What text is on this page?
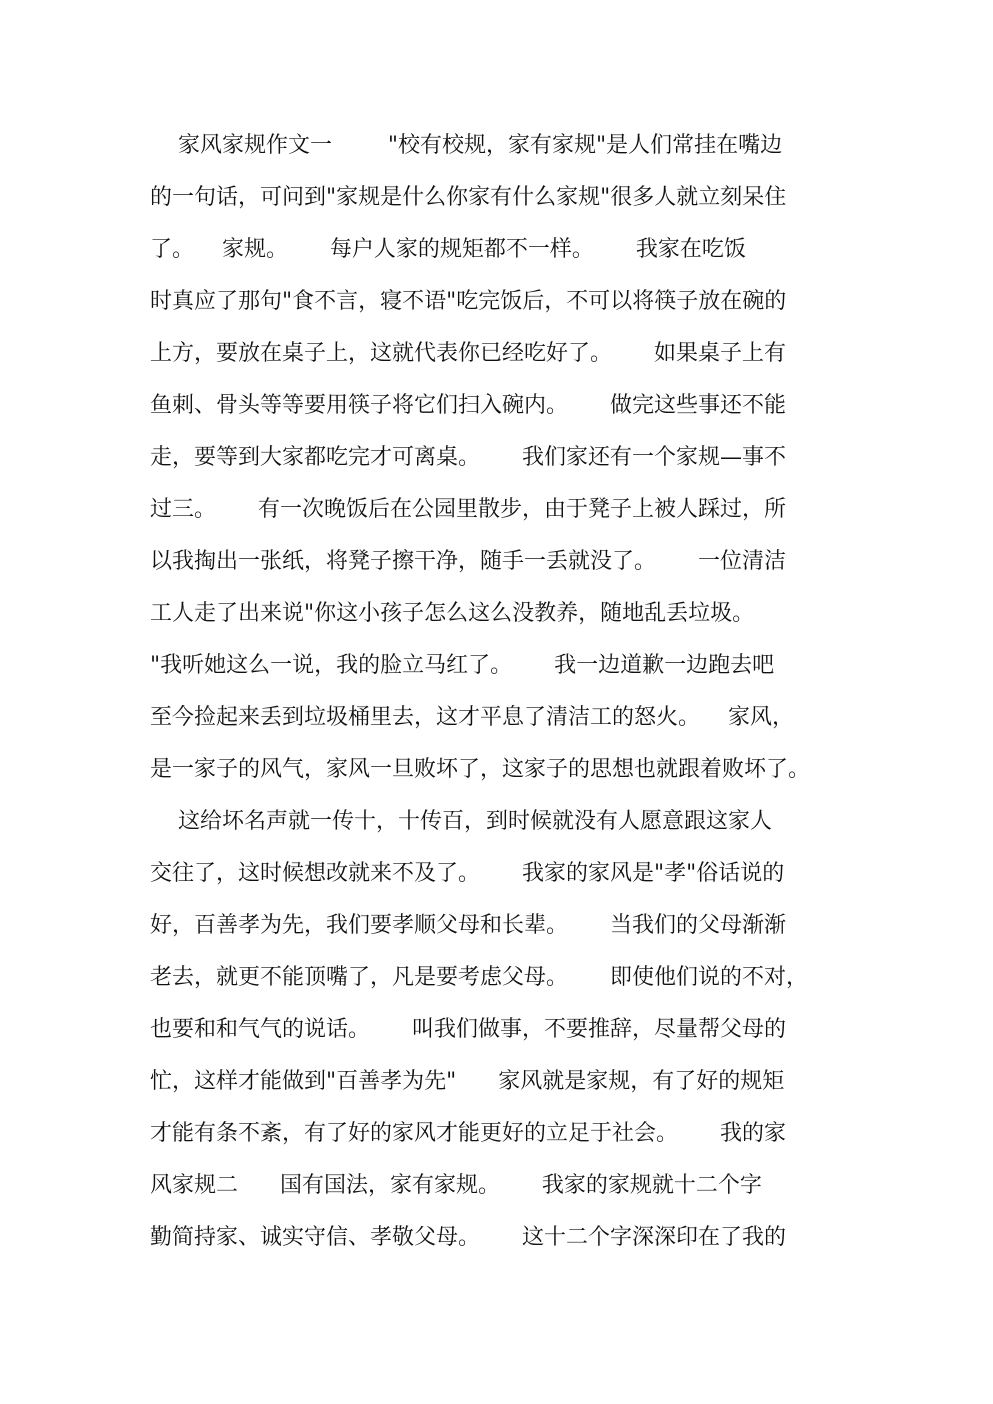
家风家规作文一        "校有校规，家有家规"是人们常挂在嘴边
的一句话，可问到"家规是什么你家有什么家规"很多人就立刻呆住
了。    家规。      每户人家的规矩都不一样。      我家在吃饭
时真应了那句"食不言，寝不语"吃完饭后，不可以将筷子放在碗的
上方，要放在桌子上，这就代表你已经吃好了。      如果桌子上有
鱼刺、骨头等等要用筷子将它们扫入碗内。      做完这些事还不能
走，要等到大家都吃完才可离桌。      我们家还有一个家规—事不
过三。      有一次晚饭后在公园里散步，由于凳子上被人踩过，所
以我掏出一张纸，将凳子擦干净，随手一丢就没了。      一位清洁
工人走了出来说"你这小孩子怎么这么没教养，随地乱丢垃圾。
"我听她这么一说，我的脸立马红了。      我一边道歉一边跑去吧
至今捡起来丢到垃圾桶里去，这才平息了清洁工的怒火。    家风，
是一家子的风气，家风一旦败坏了，这家子的思想也就跟着败坏了。
这给坏名声就一传十，十传百，到时候就没有人愿意跟这家人
交往了，这时候想改就来不及了。      我家的家风是"孝"俗话说的
好，百善孝为先，我们要孝顺父母和长辈。      当我们的父母渐渐
老去，就更不能顶嘴了，凡是要考虑父母。      即使他们说的不对，
也要和和气气的说话。      叫我们做事，不要推辞，尽量帮父母的
忙，这样才能做到"百善孝为先"      家风就是家规，有了好的规矩
才能有条不紊，有了好的家风才能更好的立足于社会。      我的家
风家规二      国有国法，家有家规。      我家的家规就十二个字
勤简持家、诚实守信、孝敬父母。      这十二个字深深印在了我的
